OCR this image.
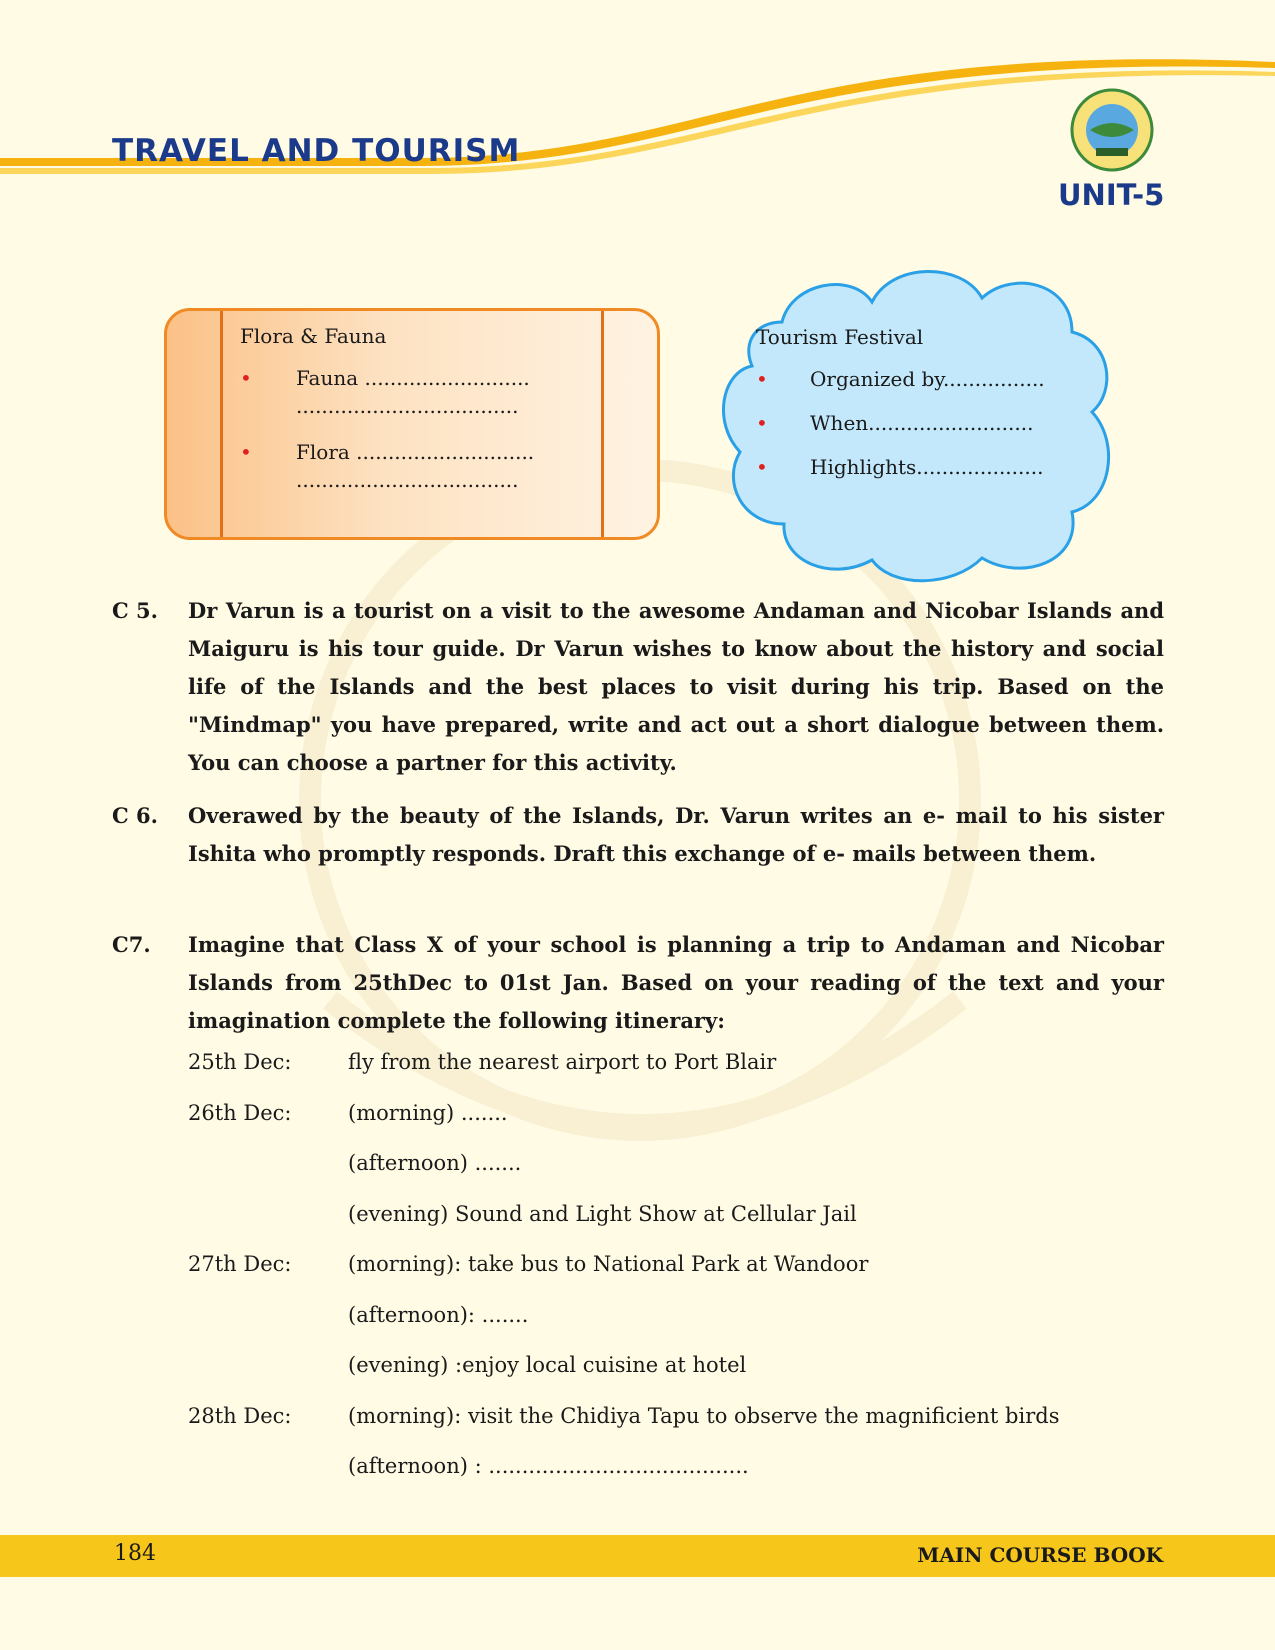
TRAVEL AND TOURISM
UNIT-5
Flora & Fauna
• Fauna ..........................
...................................
• Flora ............................
...................................
Tourism Festival
• Organized by................
• When..........................
• Highlights....................
C 5. Dr Varun is a tourist on a visit to the awesome Andaman and Nicobar Islands and Maiguru is his tour guide. Dr Varun wishes to know about the history and social life of the Islands and the best places to visit during his trip. Based on the "Mindmap" you have prepared, write and act out a short dialogue between them. You can choose a partner for this activity.
C 6. Overawed by the beauty of the Islands, Dr. Varun writes an e- mail to his sister Ishita who promptly responds. Draft this exchange of e- mails between them.
C7. Imagine that Class X of your school is planning a trip to Andaman and Nicobar Islands from 25thDec to 01st Jan. Based on your reading of the text and your imagination complete the following itinerary:
25th Dec:	fly from the nearest airport to Port Blair
26th Dec:	(morning) .......
(afternoon) .......
(evening) Sound and Light Show at Cellular Jail
27th Dec:	(morning): take bus to National Park at Wandoor
(afternoon): .......
(evening) :enjoy local cuisine at hotel
28th Dec:	(morning): visit the Chidiya Tapu to observe the magnificient birds
(afternoon) : .......................................
184	MAIN COURSE BOOK
